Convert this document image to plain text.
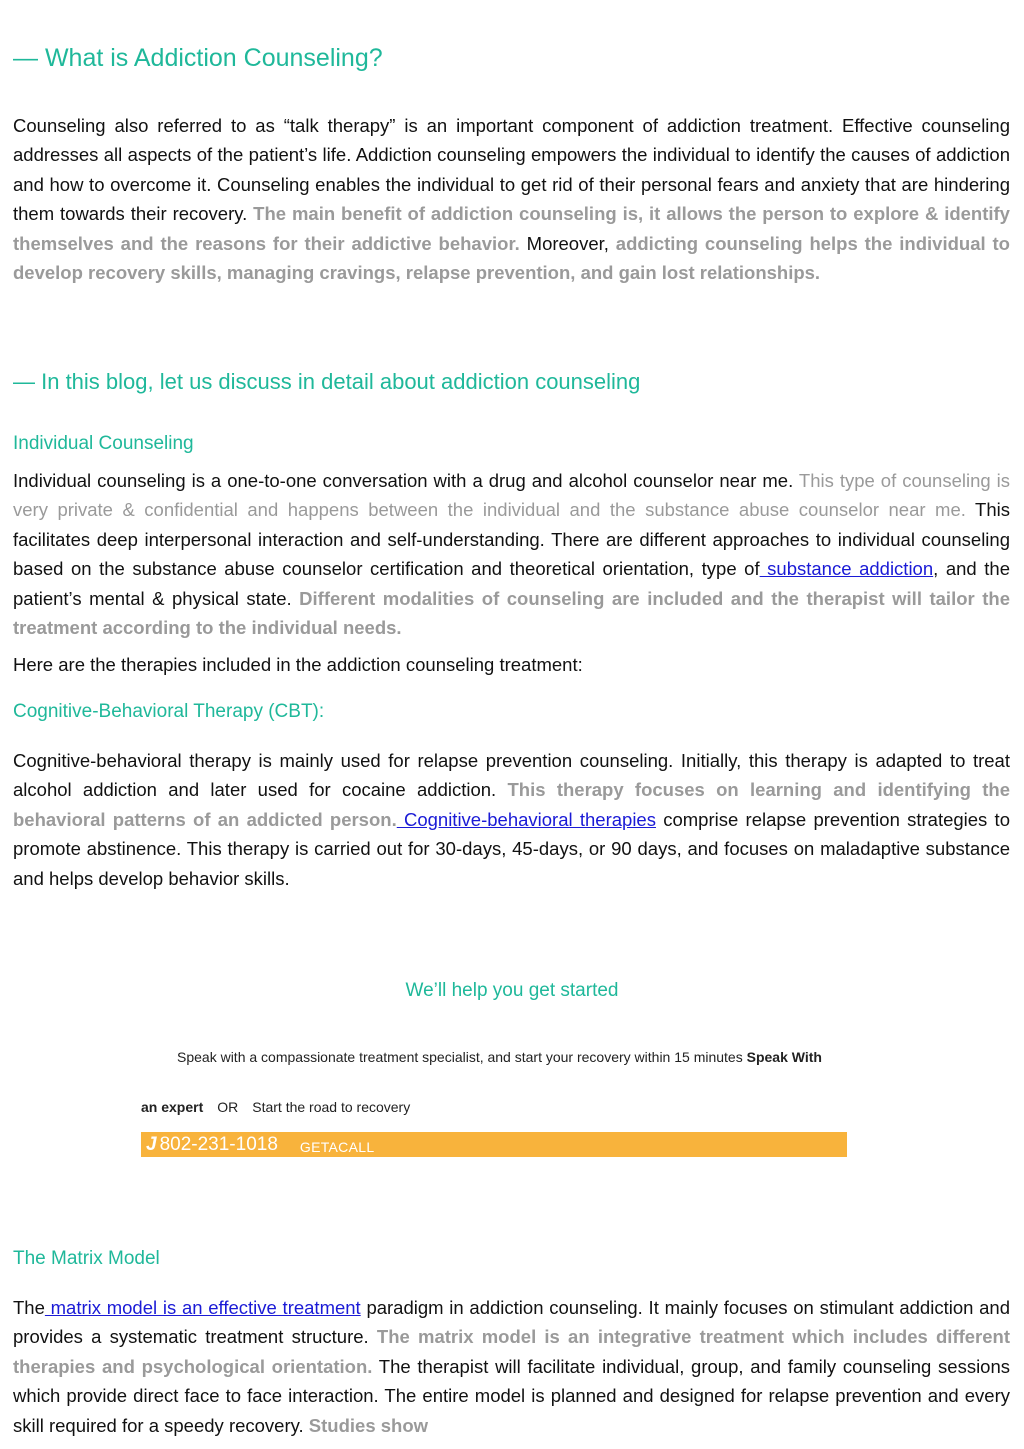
— What is Addiction Counseling?

Counseling also referred to as “talk therapy” is an important component of addiction treatment. Effective counseling addresses all aspects of the patient’s life. Addiction counseling empowers the individual to identify the causes of addiction and how to overcome it. Counseling enables the individual to get rid of their personal fears and anxiety that are hindering them towards their recovery. The main benefit of addiction counseling is, it allows the person to explore & identify themselves and the reasons for their addictive behavior. Moreover, addicting counseling helps the individual to develop recovery skills, managing cravings, relapse prevention, and gain lost relationships.

— In this blog, let us discuss in detail about addiction counseling
Individual Counseling

Individual counseling is a one-to-one conversation with a drug and alcohol counselor near me. This type of counseling is very private & confidential and happens between the individual and the substance abuse counselor near me. This facilitates deep interpersonal interaction and self-understanding. There are different approaches to individual counseling based on the substance abuse counselor certification and theoretical orientation, type of substance addiction, and the patient’s mental & physical state. Different modalities of counseling are included and the therapist will tailor the treatment according to the individual needs.

Here are the therapies included in the addiction counseling treatment:

Cognitive-Behavioral Therapy (CBT):

Cognitive-behavioral therapy is mainly used for relapse prevention counseling. Initially, this therapy is adapted to treat alcohol addiction and later used for cocaine addiction. This therapy focuses on learning and identifying the behavioral patterns of an addicted person. Cognitive-behavioral therapies comprise relapse prevention strategies to promote abstinence. This therapy is carried out for 30-days, 45-days, or 90 days, and focuses on maladaptive substance and helps develop behavior skills.

The Matrix Model

The matrix model is an effective treatment paradigm in addiction counseling. It mainly focuses on stimulant addiction and provides a systematic treatment structure. The matrix model is an integrative treatment which includes different therapies and psychological orientation. The therapist will facilitate individual, group, and family counseling sessions which provide direct face to face interaction. The entire model is planned and designed for relapse prevention and every skill required for a speedy recovery. Studies show

We’ll help you get started

Speak with a compassionate treatment specialist, and start your recovery within 15 minutes Speak With
an expert OR Start the road to recovery
J 802-231-1018 GETACALL
